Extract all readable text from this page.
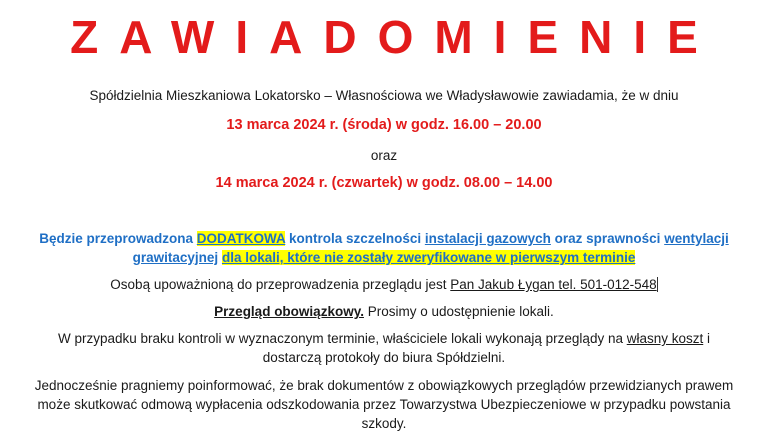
ZAWIADOMIENIE
Spółdzielnia Mieszkaniowa Lokatorsko – Własnościowa we Władysławowie zawiadamia, że w dniu
13 marca 2024 r. (środa) w godz. 16.00 – 20.00
oraz
14 marca 2024 r. (czwartek) w godz. 08.00 – 14.00
Będzie przeprowadzona DODATKOWA kontrola szczelności instalacji gazowych oraz sprawności wentylacji
grawitacyjnej dla lokali, które nie zostały zweryfikowane w pierwszym terminie
Osobą upoważnioną do przeprowadzenia przeglądu jest Pan Jakub Łygan tel. 501-012-548
Przegląd obowiązkowy. Prosimy o udostępnienie lokali.
W przypadku braku kontroli w wyznaczonym terminie, właściciele lokali wykonają przeglądy na własny koszt i
dostarczą protokoły do biura Spółdzielni.
Jednocześnie pragniemy poinformować, że brak dokumentów z obowiązkowych przeglądów przewidzianych prawem
może skutkować odmową wypłacenia odszkodowania przez Towarzystwa Ubezpieczeniowe w przypadku powstania
szkody.
